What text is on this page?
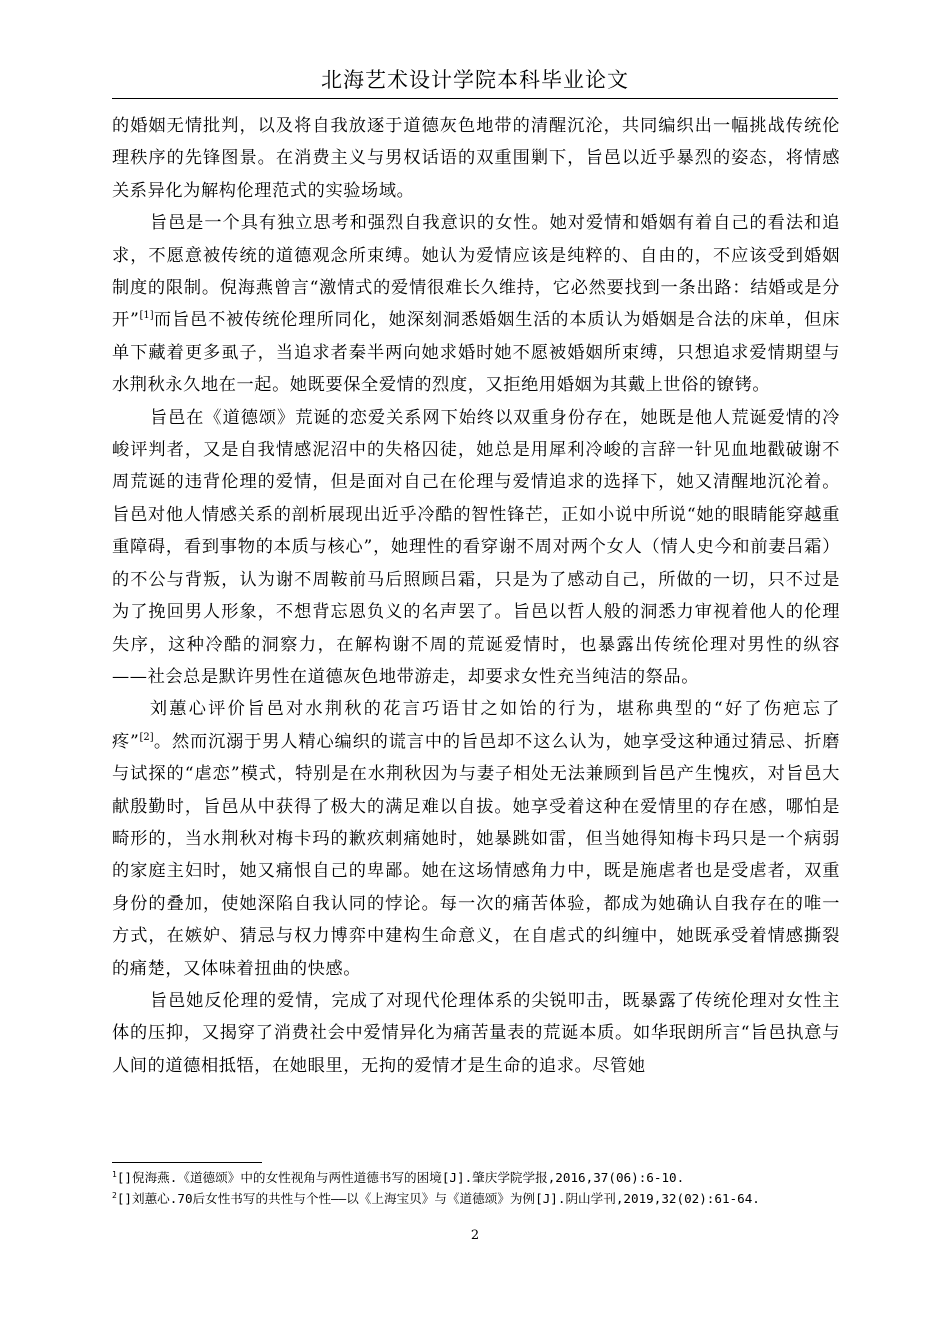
北海艺术设计学院本科毕业论文

的婚姻无情批判，以及将自我放逐于道德灰色地带的清醒沉沦，共同编织出一幅挑战传统伦理秩序的先锋图景。在消费主义与男权话语的双重围剿下，旨邑以近乎暴烈的姿态，将情感关系异化为解构伦理范式的实验场域。

旨邑是一个具有独立思考和强烈自我意识的女性。她对爱情和婚姻有着自己的看法和追求，不愿意被传统的道德观念所束缚。她认为爱情应该是纯粹的、自由的，不应该受到婚姻制度的限制。倪海燕曾言“激情式的爱情很难长久维持，它必然要找到一条出路：结婚或是分开”[1]而旨邑不被传统伦理所同化，她深刻洞悉婚姻生活的本质认为婚姻是合法的床单，但床单下藏着更多虱子，当追求者秦半两向她求婚时她不愿被婚姻所束缚，只想追求爱情期望与水荆秋永久地在一起。她既要保全爱情的烈度，又拒绝用婚姻为其戴上世俗的镣铐。

旨邑在《道德颂》荒诞的恋爱关系网下始终以双重身份存在，她既是他人荒诞爱情的冷峻评判者，又是自我情感泥沼中的失格囚徒，她总是用犀利冷峻的言辞一针见血地戳破谢不周荒诞的违背伦理的爱情，但是面对自己在伦理与爱情追求的选择下，她又清醒地沉沦着。旨邑对他人情感关系的剖析展现出近乎冷酷的智性锋芒，正如小说中所说“她的眼睛能穿越重重障碍，看到事物的本质与核心”，她理性的看穿谢不周对两个女人（情人史今和前妻吕霜）的不公与背叛，认为谢不周鞍前马后照顾吕霜，只是为了感动自己，所做的一切，只不过是为了挽回男人形象，不想背忘恩负义的名声罢了。旨邑以哲人般的洞悉力审视着他人的伦理失序，这种冷酷的洞察力，在解构谢不周的荒诞爱情时，也暴露出传统伦理对男性的纵容——社会总是默许男性在道德灰色地带游走，却要求女性充当纯洁的祭品。

刘蕙心评价旨邑对水荆秋的花言巧语甘之如饴的行为，堪称典型的“好了伤疤忘了疼”[2]。然而沉溺于男人精心编织的谎言中的旨邑却不这么认为，她享受这种通过猜忌、折磨与试探的“虐恋”模式，特别是在水荆秋因为与妻子相处无法兼顾到旨邑产生愧疚，对旨邑大献殷勤时，旨邑从中获得了极大的满足难以自拔。她享受着这种在爱情里的存在感，哪怕是畸形的，当水荆秋对梅卡玛的歉疚刺痛她时，她暴跳如雷，但当她得知梅卡玛只是一个病弱的家庭主妇时，她又痛恨自己的卑鄙。她在这场情感角力中，既是施虐者也是受虐者，双重身份的叠加，使她深陷自我认同的悖论。每一次的痛苦体验，都成为她确认自我存在的唯一方式，在嫉妒、猜忌与权力博弈中建构生命意义，在自虐式的纠缠中，她既承受着情感撕裂的痛楚，又体味着扭曲的快感。

旨邑她反伦理的爱情，完成了对现代伦理体系的尖锐叩击，既暴露了传统伦理对女性主体的压抑，又揭穿了消费社会中爱情异化为痛苦量表的荒诞本质。如华珉朗所言“旨邑执意与人间的道德相抵牾，在她眼里，无拘的爱情才是生命的追求。尽管她

$^1$[]倪海燕.《道德颂》中的女性视角与两性道德书写的困境[J].肇庆学院学报,2016,37(06):6-10.

$^2$[]刘蕙心.70后女性书写的共性与个性——以《上海宝贝》与《道德颂》为例[J].阴山学刊,2019,32(02):61-64.

2
